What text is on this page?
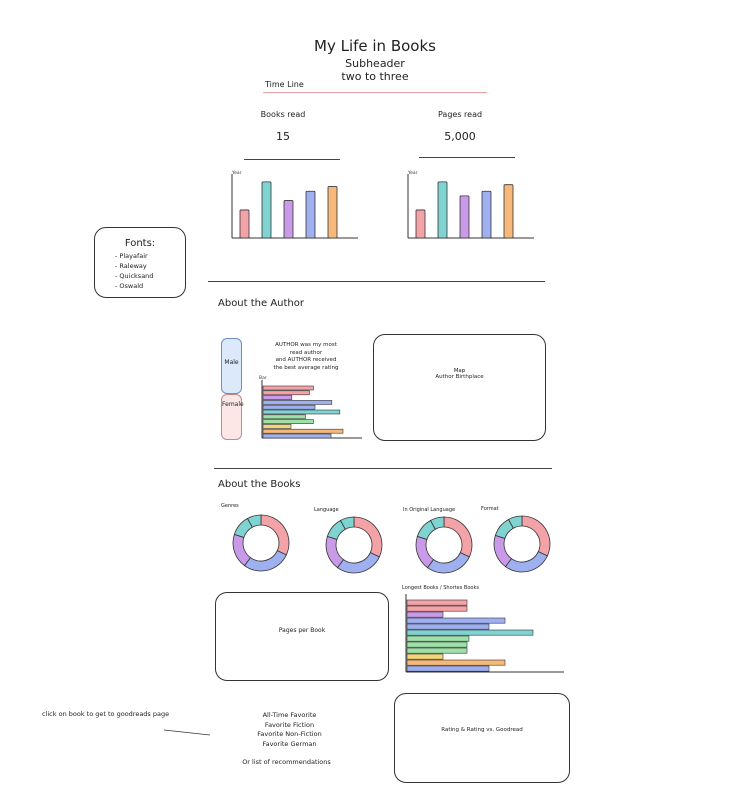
My Life in Books
Subheader
two to three
Time Line
Books read
15
Pages read
5,000
Year	Year
Fonts:
- Playafair
- Raleway
- Quicksand
- Oswald
About the Author
Male
Female
AUTHOR was my most
read author
and AUTHOR received
the best average rating
Bar
Map
Author Birthplace
About the Books
Genres
Language	In Original Language	Format
Pages per Book
Longest Books / Shortes Books
click on book to get to goodreads page	All-Time Favorite
Favorite Fiction
Favorite Non-Fiction
Favorite German
Or list of recommendations
Rating & Rating vs. Goodread
